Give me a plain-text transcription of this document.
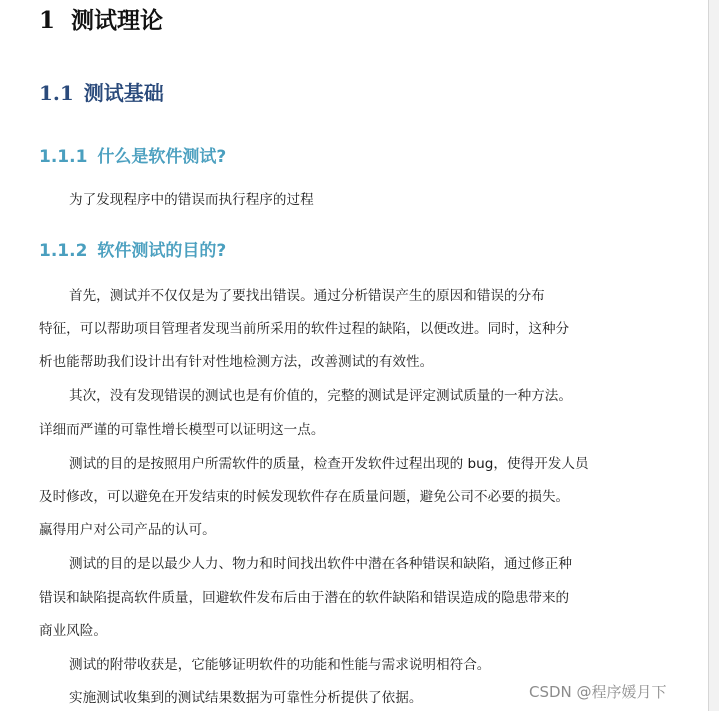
1 测试理论
1.1 测试基础
1.1.1 什么是软件测试?

为了发现程序中的错误而执行程序的过程

1.1.2 软件测试的目的?

首先，测试并不仅仅是为了要找出错误。通过分析错误产生的原因和错误的分布

特征，可以帮助项目管理者发现当前所采用的软件过程的缺陷，以便改进。同时，这种分

析也能帮助我们设计出有针对性地检测方法，改善测试的有效性。

其次，没有发现错误的测试也是有价值的，完整的测试是评定测试质量的一种方法。

详细而严谨的可靠性增长模型可以证明这一点。

测试的目的是按照用户所需软件的质量，检查开发软件过程出现的 bug，使得开发人员

及时修改，可以避免在开发结束的时候发现软件存在质量问题，避免公司不必要的损失。

赢得用户对公司产品的认可。

测试的目的是以最少人力、物力和时间找出软件中潜在各种错误和缺陷，通过修正种

错误和缺陷提高软件质量，回避软件发布后由于潜在的软件缺陷和错误造成的隐患带来的

商业风险。

测试的附带收获是，它能够证明软件的功能和性能与需求说明相符合。

实施测试收集到的测试结果数据为可靠性分析提供了依据。	CSDN @程序媛月下
